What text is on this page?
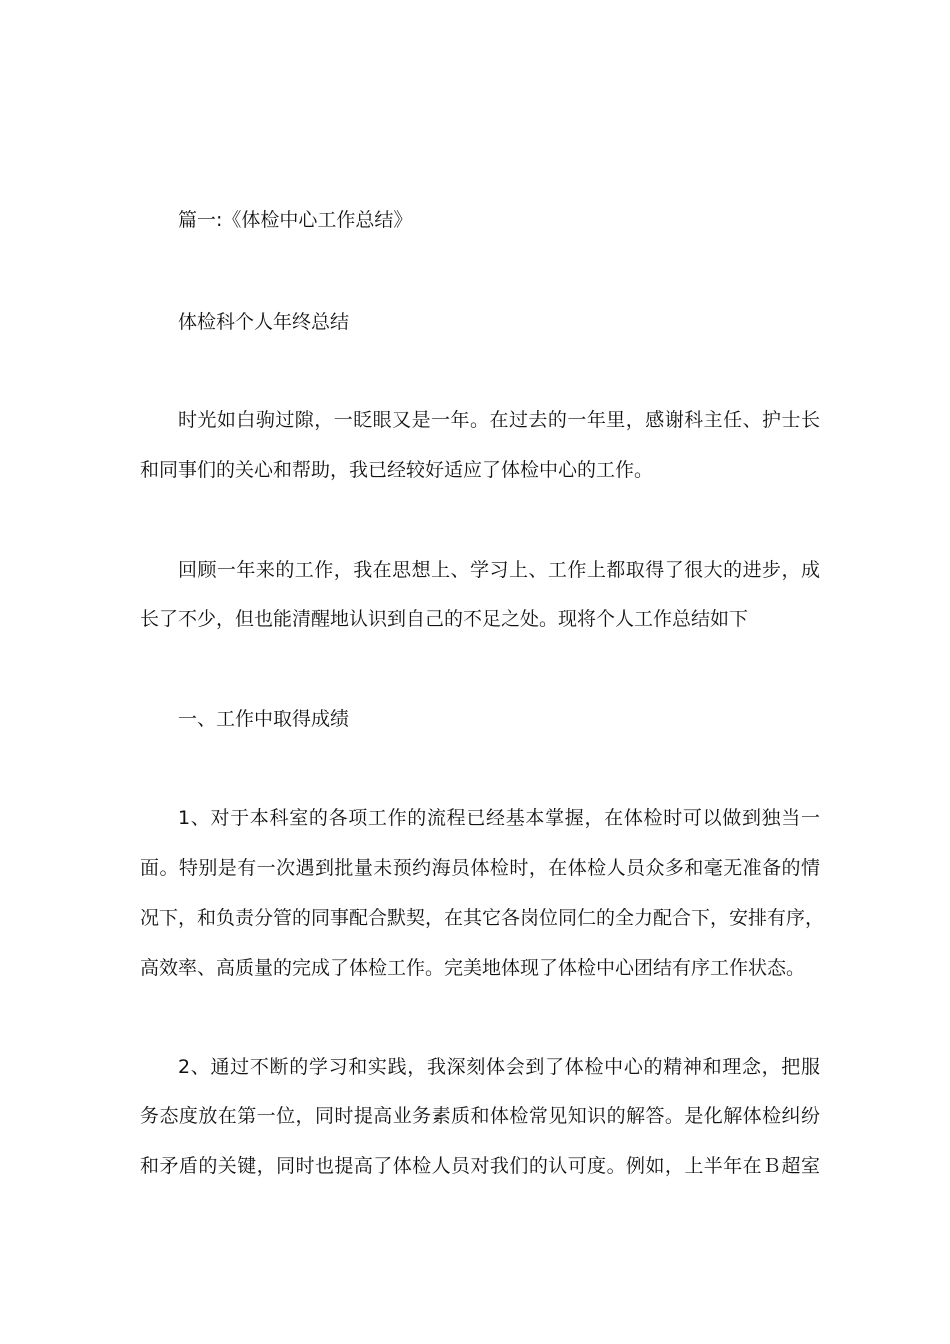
篇一:《体检中心工作总结》
体检科个人年终总结
时光如白驹过隙，一眨眼又是一年。在过去的一年里，感谢科主任、护士长
和同事们的关心和帮助，我已经较好适应了体检中心的工作。
回顾一年来的工作，我在思想上、学习上、工作上都取得了很大的进步，成
长了不少，但也能清醒地认识到自己的不足之处。现将个人工作总结如下
一、工作中取得成绩
1、对于本科室的各项工作的流程已经基本掌握，在体检时可以做到独当一
面。特别是有一次遇到批量未预约海员体检时，在体检人员众多和毫无准备的情
况下，和负责分管的同事配合默契，在其它各岗位同仁的全力配合下，安排有序，
高效率、高质量的完成了体检工作。完美地体现了体检中心团结有序工作状态。
2、通过不断的学习和实践，我深刻体会到了体检中心的精神和理念，把服
务态度放在第一位，同时提高业务素质和体检常见知识的解答。是化解体检纠纷
和矛盾的关键，同时也提高了体检人员对我们的认可度。例如，上半年在Ｂ超室
